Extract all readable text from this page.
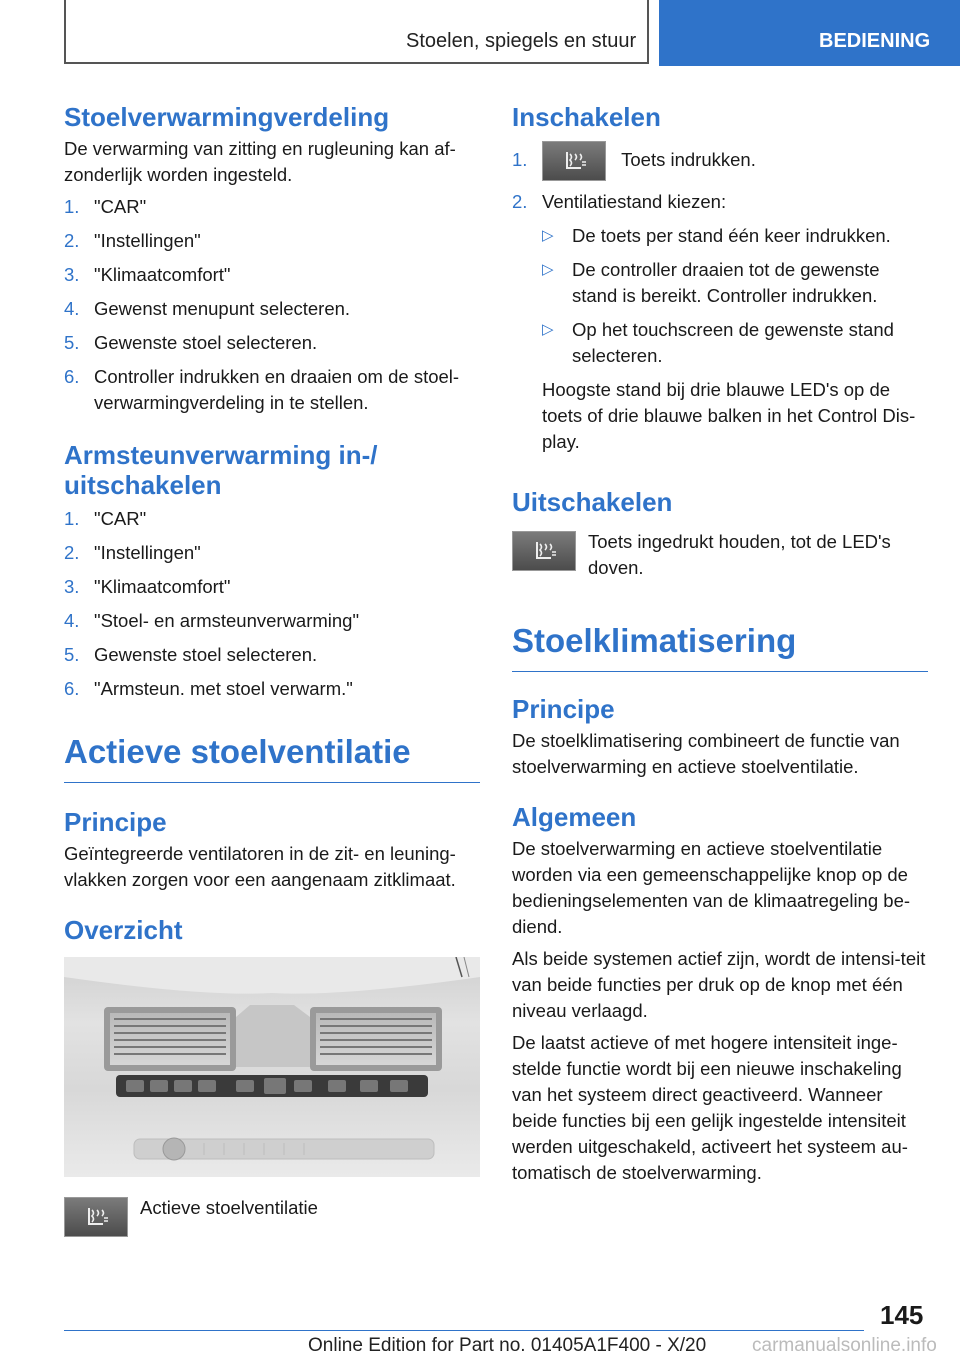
Stoelen, spiegels en stuur	BEDIENING
Stoelverwarmingverdeling

De verwarming van zitting en rugleuning kan af-zonderlijk worden ingesteld.

1. "CAR"
2. "Instellingen"
3. "Klimaatcomfort"
4. Gewenst menupunt selecteren.
5. Gewenste stoel selecteren.
6. Controller indrukken en draaien om de stoel-verwarmingverdeling in te stellen.
Armsteunverwarming in-/ uitschakelen
1. "CAR"
2. "Instellingen"
3. "Klimaatcomfort"
4. "Stoel- en armsteunverwarming"
5. Gewenste stoel selecteren.
6. "Armsteun. met stoel verwarm."
Actieve stoelventilatie
Principe

Geïntegreerde ventilatoren in de zit- en leuning-vlakken zorgen voor een aangenaam zitklimaat.

Overzicht
Actieve stoelventilatie
Inschakelen
1.	Toets indrukken.
2. Ventilatiestand kiezen:
▷ De toets per stand één keer indrukken.
▷ De controller draaien tot de gewenste stand is bereikt. Controller indrukken.
▷ Op het touchscreen de gewenste stand selecteren.

Hoogste stand bij drie blauwe LED's op de toets of drie blauwe balken in het Control Dis-play.

Uitschakelen
Toets ingedrukt houden, tot de LED's doven.
Stoelklimatisering
Principe

De stoelklimatisering combineert de functie van stoelverwarming en actieve stoelventilatie.

Algemeen

De stoelverwarming en actieve stoelventilatie worden via een gemeenschappelijke knop op de bedieningselementen van de klimaatregeling be-diend.

Als beide systemen actief zijn, wordt de intensi-teit van beide functies per druk op de knop met één niveau verlaagd.

De laatst actieve of met hogere intensiteit inge-stelde functie wordt bij een nieuwe inschakeling van het systeem direct geactiveerd. Wanneer beide functies bij een gelijk ingestelde intensiteit werden uitgeschakeld, activeert het systeem au-tomatisch de stoelverwarming.

145
Online Edition for Part no. 01405A1F400 - X/20 carmanualsonline.info
